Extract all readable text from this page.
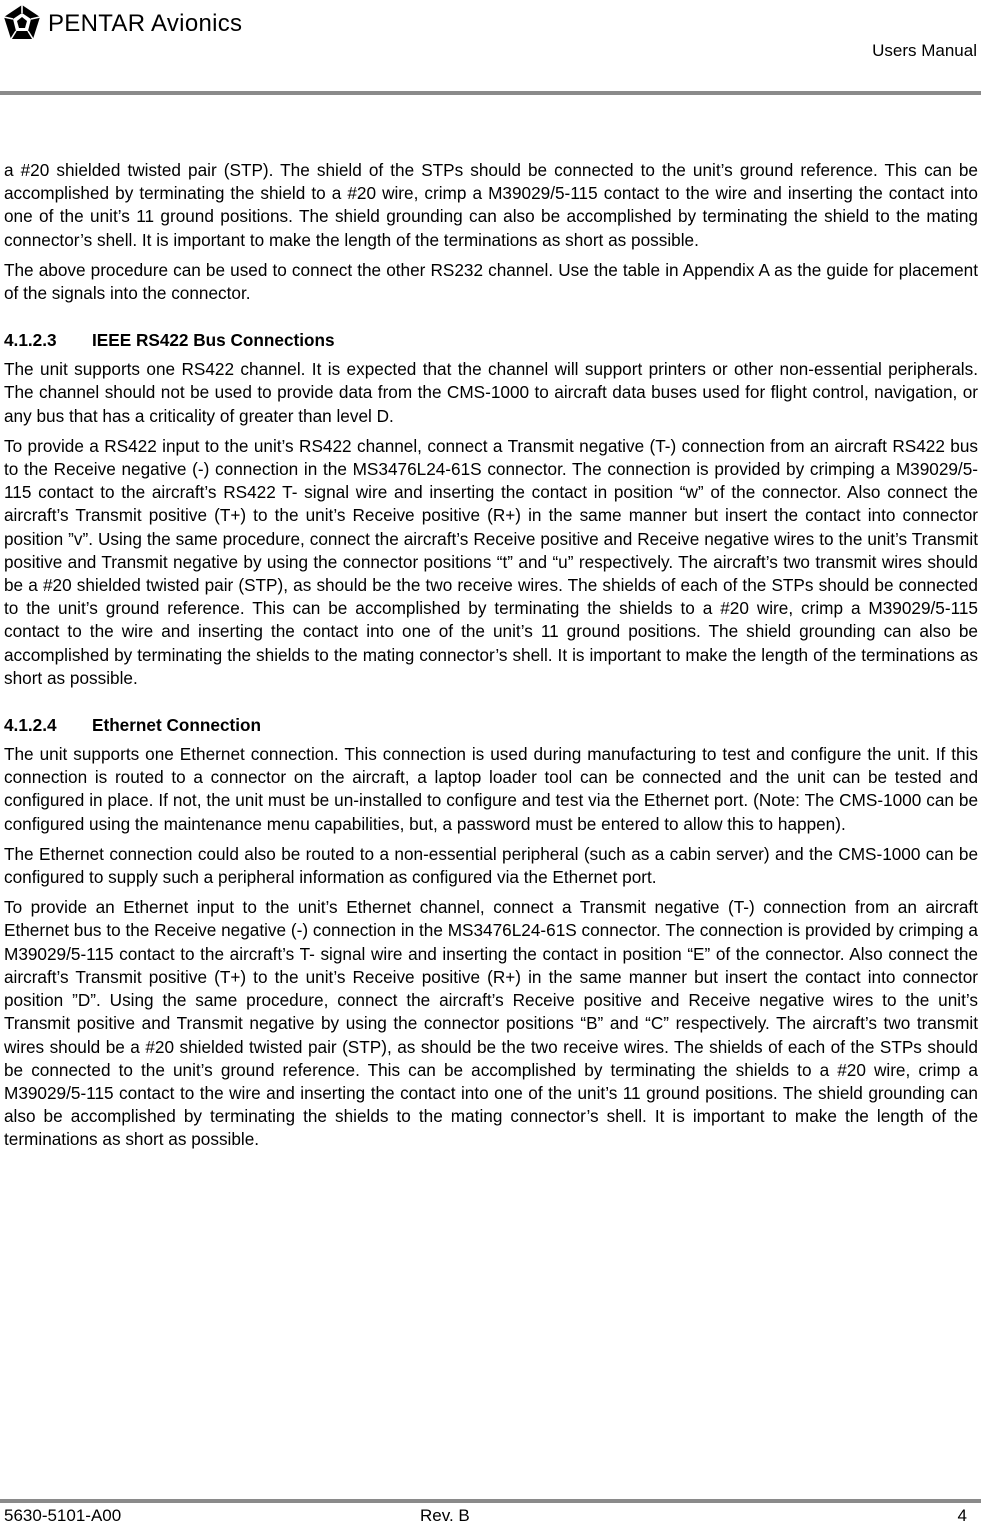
PENTAR Avionics
Users Manual

a #20 shielded twisted pair (STP). The shield of the STPs should be connected to the unit’s ground reference. This can be accomplished by terminating the shield to a #20 wire, crimp a M39029/5-115 contact to the wire and inserting the contact into one of the unit’s 11 ground positions. The shield grounding can also be accomplished by terminating the shield to the mating connector’s shell. It is important to make the length of the terminations as short as possible.

The above procedure can be used to connect the other RS232 channel. Use the table in Appendix A as the guide for placement of the signals into the connector.

4.1.2.3	IEEE RS422 Bus Connections

The unit supports one RS422 channel. It is expected that the channel will support printers or other non-essential peripherals. The channel should not be used to provide data from the CMS-1000 to aircraft data buses used for flight control, navigation, or any bus that has a criticality of greater than level D.

To provide a RS422 input to the unit’s RS422 channel, connect a Transmit negative (T-) connection from an aircraft RS422 bus to the Receive negative (-) connection in the MS3476L24-61S connector. The connection is provided by crimping a M39029/5-115 contact to the aircraft’s RS422 T- signal wire and inserting the contact in position “w” of the connector. Also connect the aircraft’s Transmit positive (T+) to the unit’s Receive positive (R+) in the same manner but insert the contact into connector position ”v”. Using the same procedure, connect the aircraft’s Receive positive and Receive negative wires to the unit’s Transmit positive and Transmit negative by using the connector positions “t” and “u” respectively. The aircraft’s two transmit wires should be a #20 shielded twisted pair (STP), as should be the two receive wires. The shields of each of the STPs should be connected to the unit’s ground reference. This can be accomplished by terminating the shields to a #20 wire, crimp a M39029/5-115 contact to the wire and inserting the contact into one of the unit’s 11 ground positions. The shield grounding can also be accomplished by terminating the shields to the mating connector’s shell. It is important to make the length of the terminations as short as possible.

4.1.2.4	Ethernet Connection

The unit supports one Ethernet connection. This connection is used during manufacturing to test and configure the unit. If this connection is routed to a connector on the aircraft, a laptop loader tool can be connected and the unit can be tested and configured in place. If not, the unit must be un-installed to configure and test via the Ethernet port. (Note: The CMS-1000 can be configured using the maintenance menu capabilities, but, a password must be entered to allow this to happen).

The Ethernet connection could also be routed to a non-essential peripheral (such as a cabin server) and the CMS-1000 can be configured to supply such a peripheral information as configured via the Ethernet port.

To provide an Ethernet input to the unit’s Ethernet channel, connect a Transmit negative (T-) connection from an aircraft Ethernet bus to the Receive negative (-) connection in the MS3476L24-61S connector. The connection is provided by crimping a M39029/5-115 contact to the aircraft’s T- signal wire and inserting the contact in position “E” of the connector. Also connect the aircraft’s Transmit positive (T+) to the unit’s Receive positive (R+) in the same manner but insert the contact into connector position ”D”. Using the same procedure, connect the aircraft’s Receive positive and Receive negative wires to the unit’s Transmit positive and Transmit negative by using the connector positions “B” and “C” respectively. The aircraft’s two transmit wires should be a #20 shielded twisted pair (STP), as should be the two receive wires. The shields of each of the STPs should be connected to the unit’s ground reference. This can be accomplished by terminating the shields to a #20 wire, crimp a M39029/5-115 contact to the wire and inserting the contact into one of the unit’s 11 ground positions. The shield grounding can also be accomplished by terminating the shields to the mating connector’s shell. It is important to make the length of the terminations as short as possible.

5630-5101-A00	Rev. B	4
